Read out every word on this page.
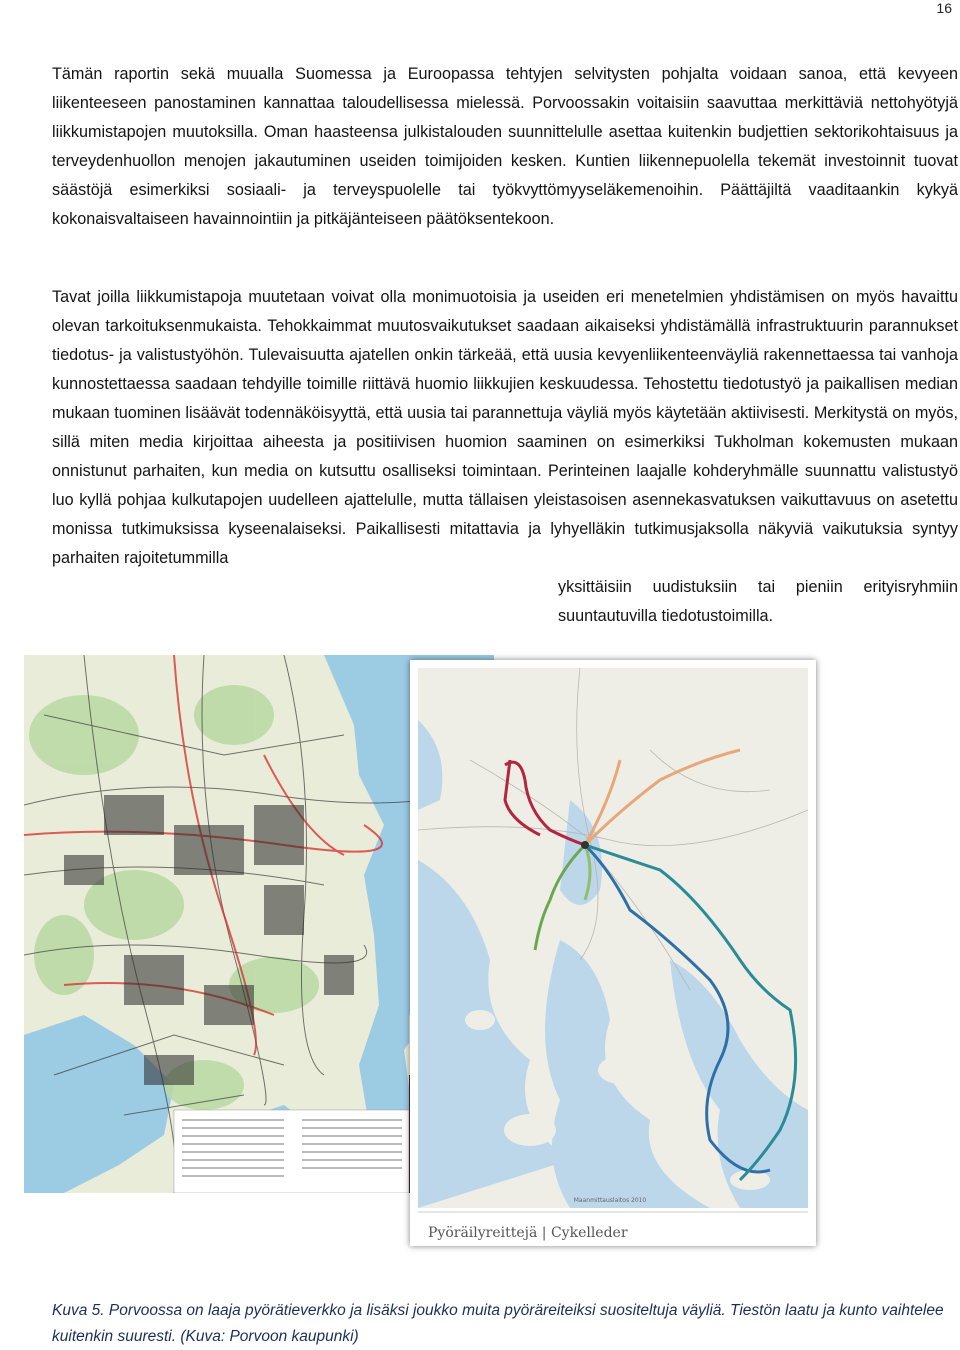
16

Tämän raportin sekä muualla Suomessa ja Euroopassa tehtyjen selvitysten pohjalta voidaan sanoa, että kevyeen liikenteeseen panostaminen kannattaa taloudellisessa mielessä. Porvoossakin voitaisiin saavuttaa merkittäviä nettohyötyjä liikkumistapojen muutoksilla. Oman haasteensa julkistalouden suunnittelulle asettaa kuitenkin budjettien sektorikohtaisuus ja terveydenhuollon menojen jakautuminen useiden toimijoiden kesken. Kuntien liikennepuolella tekemät investoinnit tuovat säästöjä esimerkiksi sosiaali- ja terveyspuolelle tai työkvyttömyyseläkemenoihin. Päättäjiltä vaaditaankin kykyä kokonaisvaltaiseen havainnointiin ja pitkäjänteiseen päätöksentekoon.

Tavat joilla liikkumistapoja muutetaan voivat olla monimuotoisia ja useiden eri menetelmien yhdistämisen on myös havaittu olevan tarkoituksenmukaista. Tehokkaimmat muutosvaikutukset saadaan aikaiseksi yhdistämällä infrastruktuurin parannukset tiedotus- ja valistustyöhön. Tulevaisuutta ajatellen onkin tärkeää, että uusia kevyenliikenteenväyliä rakennettaessa tai vanhoja kunnostettaessa saadaan tehdyille toimille riittävä huomio liikkujien keskuudessa. Tehostettu tiedotustyö ja paikallisen median mukaan tuominen lisäävät todennäköisyyttä, että uusia tai parannettuja väyliä myös käytetään aktiivisesti. Merkitystä on myös, sillä miten media kirjoittaa aiheesta ja positiivisen huomion saaminen on esimerkiksi Tukholman kokemusten mukaan onnistunut parhaiten, kun media on kutsuttu osalliseksi toimintaan. Perinteinen laajalle kohderyhmälle suunnattu valistustyö luo kyllä pohjaa kulkutapojen uudelleen ajattelulle, mutta tällaisen yleistasoisen asennekasvatuksen vaikuttavuus on asetettu monissa tutkimuksissa kyseenalaiseksi. Paikallisesti mitattavia ja lyhyelläkin tutkimusjaksolla näkyviä vaikutuksia syntyy parhaiten rajoitetummilla
yksittäisiin uudistuksiin tai pieniin erityisryhmiin suuntautuvilla tiedotustoimilla.
Maanmittauslaitos 2010
Pyöräilyreittejä | Cykelleder

Kuva 5. Porvoossa on laaja pyörätieverkko ja lisäksi joukko muita pyöräreiteiksi suositeltuja väyliä. Tiestön laatu ja kunto vaihtelee kuitenkin suuresti. (Kuva: Porvoon kaupunki)
